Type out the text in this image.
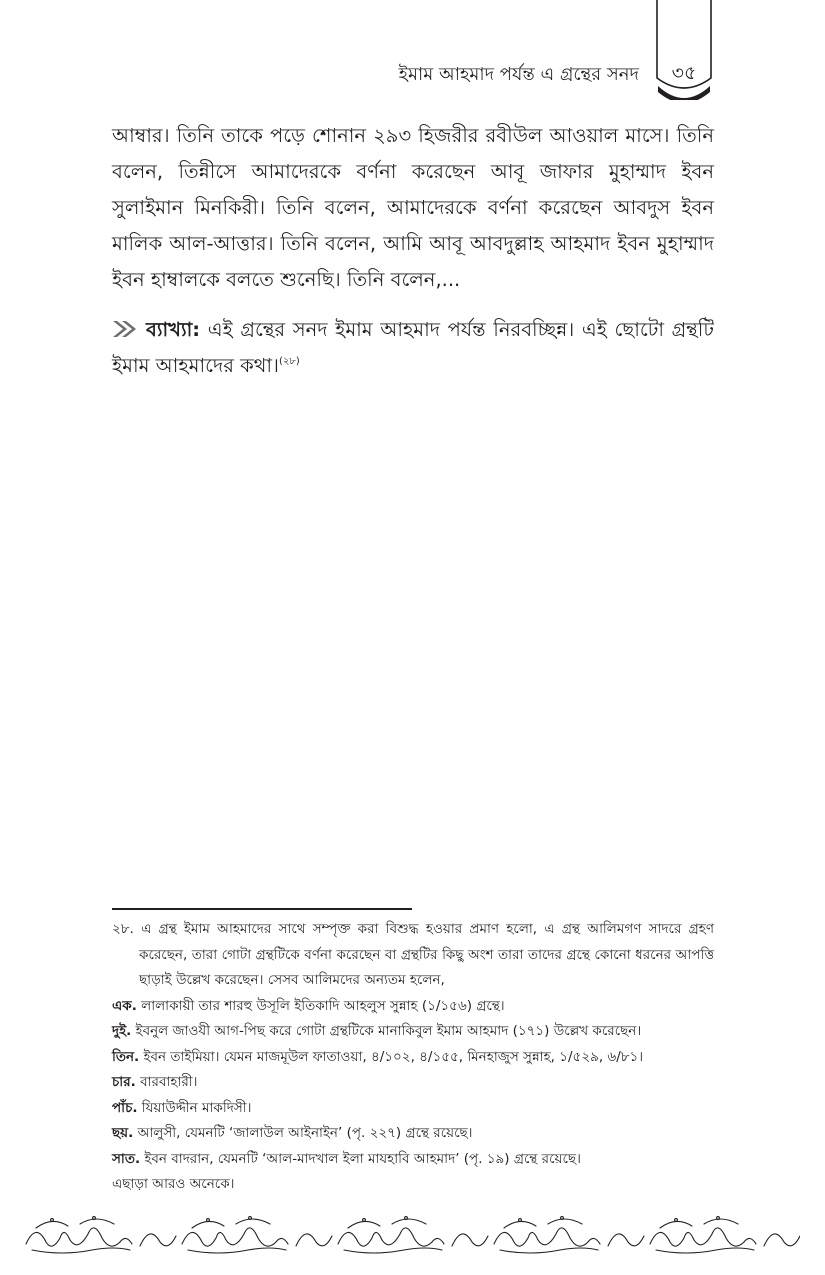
৩৫
ইমাম আহমাদ পর্যন্ত এ গ্রন্থের সনদ

আম্বার। তিনি তাকে পড়ে শোনান ২৯৩ হিজরীর রবীউল আওয়াল মাসে। তিনি বলেন, তিন্নীসে আমাদেরকে বর্ণনা করেছেন আবূ জাফার মুহাম্মাদ ইবন সুলাইমান মিনকিরী। তিনি বলেন, আমাদেরকে বর্ণনা করেছেন আবদুস ইবন মালিক আল-আত্তার। তিনি বলেন, আমি আবূ আবদুল্লাহ আহমাদ ইবন মুহাম্মাদ ইবন হাম্বালকে বলতে শুনেছি। তিনি বলেন,...

ব্যাখ্যা: এই গ্রন্থের সনদ ইমাম আহমাদ পর্যন্ত নিরবচ্ছিন্ন। এই ছোটো গ্রন্থটি ইমাম আহমাদের কথা।$^{(২৮)}$

২৮. এ গ্রন্থ ইমাম আহমাদের সাথে সম্পৃক্ত করা বিশুদ্ধ হওয়ার প্রমাণ হলো, এ গ্রন্থ আলিমগণ সাদরে গ্রহণ করেছেন, তারা গোটা গ্রন্থটিকে বর্ণনা করেছেন বা গ্রন্থটির কিছু অংশ তারা তাদের গ্রন্থে কোনো ধরনের আপত্তি ছাড়াই উল্লেখ করেছেন। সেসব আলিমদের অন্যতম হলেন,

এক. লালাকায়ী তার শারহু উসূলি ইতিকাদি আহলুস সুন্নাহ (১/১৫৬) গ্রন্থে।

দুই. ইবনুল জাওযী আগ-পিছ করে গোটা গ্রন্থটিকে মানাকিবুল ইমাম আহমাদ (১৭১) উল্লেখ করেছেন।

তিন. ইবন তাইমিয়া। যেমন মাজমূউল ফাতাওয়া, ৪/১০২, ৪/১৫৫, মিনহাজুস সুন্নাহ, ১/৫২৯, ৬/৮১।

চার. বারবাহারী।

পাঁচ. যিয়াউদ্দীন মাকদিসী।

ছয়. আলুসী, যেমনটি ‘জালাউল আইনাইন’ (পৃ. ২২৭) গ্রন্থে রয়েছে।

সাত. ইবন বাদরান, যেমনটি ‘আল-মাদখাল ইলা মাযহাবি আহমাদ’ (পৃ. ১৯) গ্রন্থে রয়েছে।

এছাড়া আরও অনেকে।
